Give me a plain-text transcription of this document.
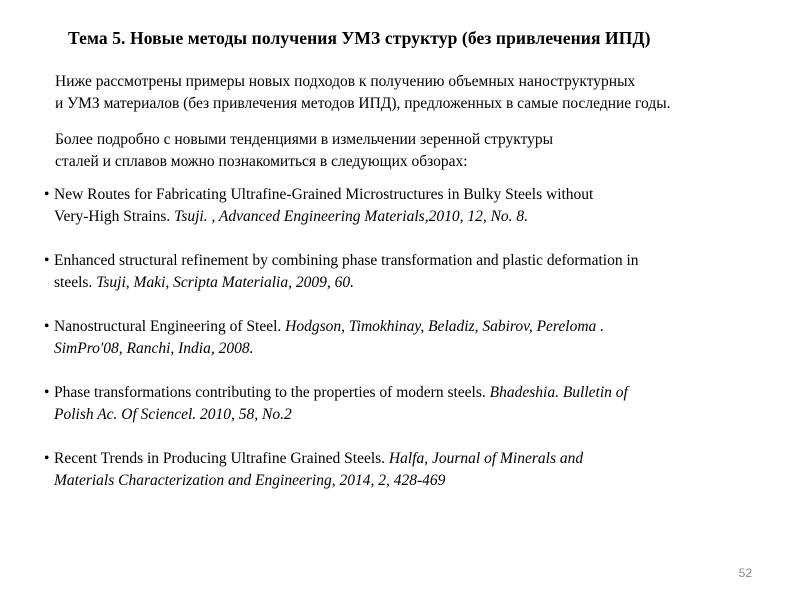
Тема 5. Новые методы получения УМЗ структур (без привлечения ИПД)
Ниже рассмотрены примеры новых подходов к получению объемных наноструктурных
и УМЗ материалов (без привлечения методов ИПД), предложенных в самые последние годы.
Более подробно с новыми тенденциями в измельчении зеренной структуры
сталей и сплавов можно познакомиться в следующих обзорах:
• New Routes for Fabricating Ultrafine-Grained Microstructures in Bulky Steels without
Very-High Strains. Tsuji. , Advanced Engineering Materials,2010, 12, No. 8.
• Enhanced structural refinement by combining phase transformation and plastic deformation in
steels. Tsuji, Maki, Scripta Materialia, 2009, 60.
• Nanostructural Engineering of Steel. Hodgson, Timokhinay, Beladiz, Sabirov, Perelomа .
SimPro'08, Ranchi, India, 2008.
• Phase transformations contributing to the properties of modern steels. Bhadeshia. Bulletin of
Polish Ac. Of Sciencel. 2010, 58, No.2
• Recent Trends in Producing Ultrafine Grained Steels. Halfa, Journal of Minerals and
Materials Characterization and Engineering, 2014, 2, 428-469
52
